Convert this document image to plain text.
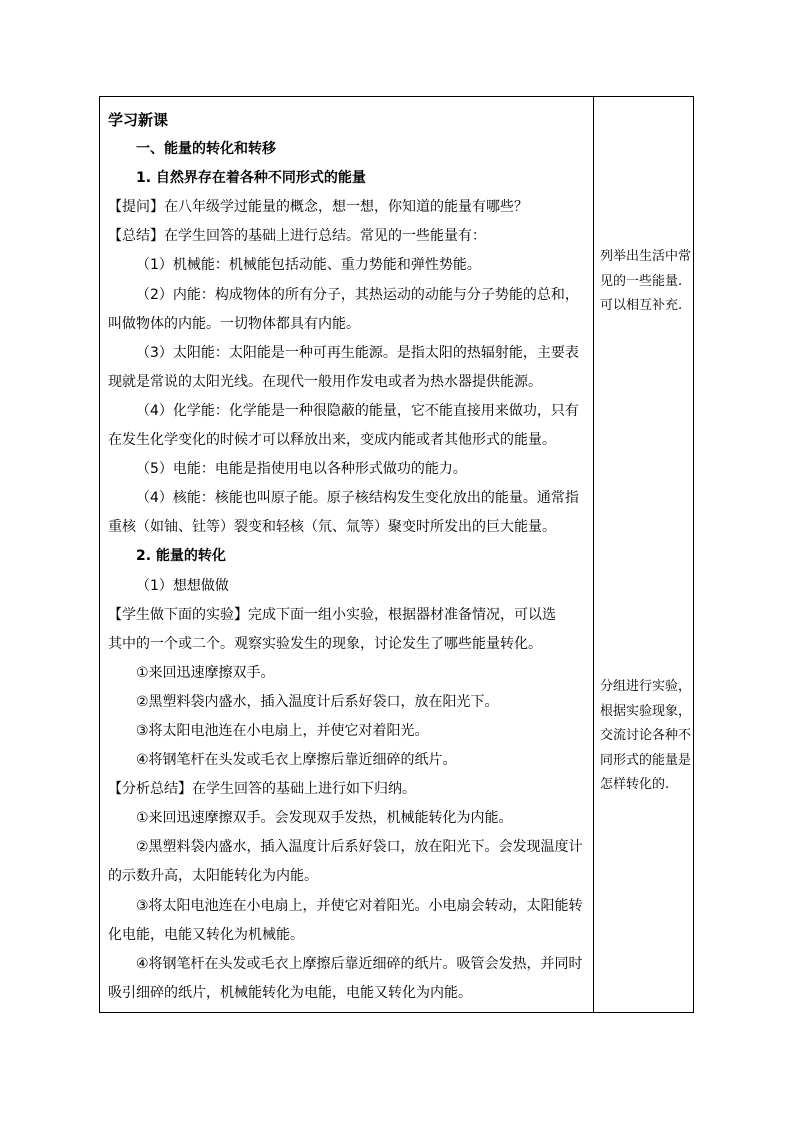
学习新课
一、能量的转化和转移
1. 自然界存在着各种不同形式的能量
【提问】在八年级学过能量的概念，想一想，你知道的能量有哪些？
【总结】在学生回答的基础上进行总结。常见的一些能量有：
（1）机械能：机械能包括动能、重力势能和弹性势能。
（2）内能：构成物体的所有分子，其热运动的动能与分子势能的总和，
叫做物体的内能。一切物体都具有内能。
（3）太阳能：太阳能是一种可再生能源。是指太阳的热辐射能，主要表
现就是常说的太阳光线。在现代一般用作发电或者为热水器提供能源。
（4）化学能：化学能是一种很隐蔽的能量，它不能直接用来做功，只有
在发生化学变化的时候才可以释放出来，变成内能或者其他形式的能量。
（5）电能：电能是指使用电以各种形式做功的能力。
（4）核能：核能也叫原子能。原子核结构发生变化放出的能量。通常指
重核（如铀、钍等）裂变和轻核（氘、氚等）聚变时所发出的巨大能量。
2. 能量的转化
（1）想想做做
【学生做下面的实验】完成下面一组小实验，根据器材准备情况，可以选
其中的一个或二个。观察实验发生的现象，讨论发生了哪些能量转化。
①来回迅速摩擦双手。
②黑塑料袋内盛水，插入温度计后系好袋口，放在阳光下。
③将太阳电池连在小电扇上，并使它对着阳光。
④将钢笔杆在头发或毛衣上摩擦后靠近细碎的纸片。
【分析总结】在学生回答的基础上进行如下归纳。
①来回迅速摩擦双手。会发现双手发热，机械能转化为内能。
②黑塑料袋内盛水，插入温度计后系好袋口，放在阳光下。会发现温度计
的示数升高，太阳能转化为内能。
③将太阳电池连在小电扇上，并使它对着阳光。小电扇会转动，太阳能转
化电能，电能又转化为机械能。
④将钢笔杆在头发或毛衣上摩擦后靠近细碎的纸片。吸管会发热，并同时
吸引细碎的纸片，机械能转化为电能，电能又转化为内能。
列举出生活中常见的一些能量.可以相互补充.
分组进行实验，根据实验现象，交流讨论各种不同形式的能量是怎样转化的.
